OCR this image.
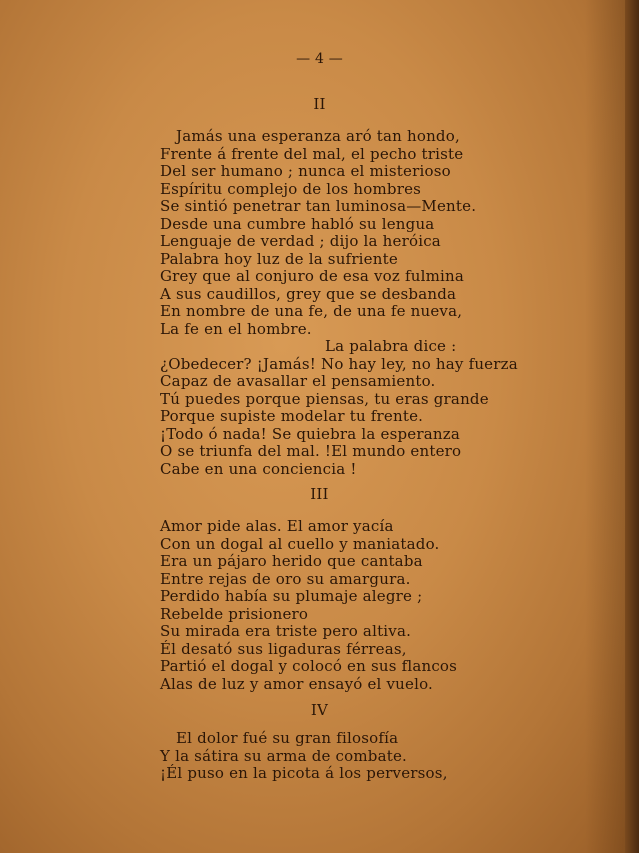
— 4 —
II
Jamás una esperanza aró tan hondo,
Frente á frente del mal, el pecho triste
Del ser humano ; nunca el misterioso
Espíritu complejo de los hombres
Se sintió penetrar tan luminosa—Mente.
Desde una cumbre habló su lengua
Lenguaje de verdad ; dijo la heróica
Palabra hoy luz de la sufriente
Grey que al conjuro de esa voz fulmina
A sus caudillos, grey que se desbanda
En nombre de una fe, de una fe nueva,
La fe en el hombre.
La palabra dice :
¿Obedecer? ¡Jamás! No hay ley, no hay fuerza
Capaz de avasallar el pensamiento.
Tú puedes porque piensas, tu eras grande
Porque supiste modelar tu frente.
¡Todo ó nada! Se quiebra la esperanza
O se triunfa del mal. !El mundo entero
Cabe en una conciencia !
III
Amor pide alas. El amor yacía
Con un dogal al cuello y maniatado.
Era un pájaro herido que cantaba
Entre rejas de oro su amargura.
Perdido había su plumaje alegre ;
Rebelde prisionero
Su mirada era triste pero altiva.
Él desató sus ligaduras férreas,
Partió el dogal y colocó en sus flancos
Alas de luz y amor ensayó el vuelo.
IV
El dolor fué su gran filosofía
Y la sátira su arma de combate.
¡Él puso en la picota á los perversos,
